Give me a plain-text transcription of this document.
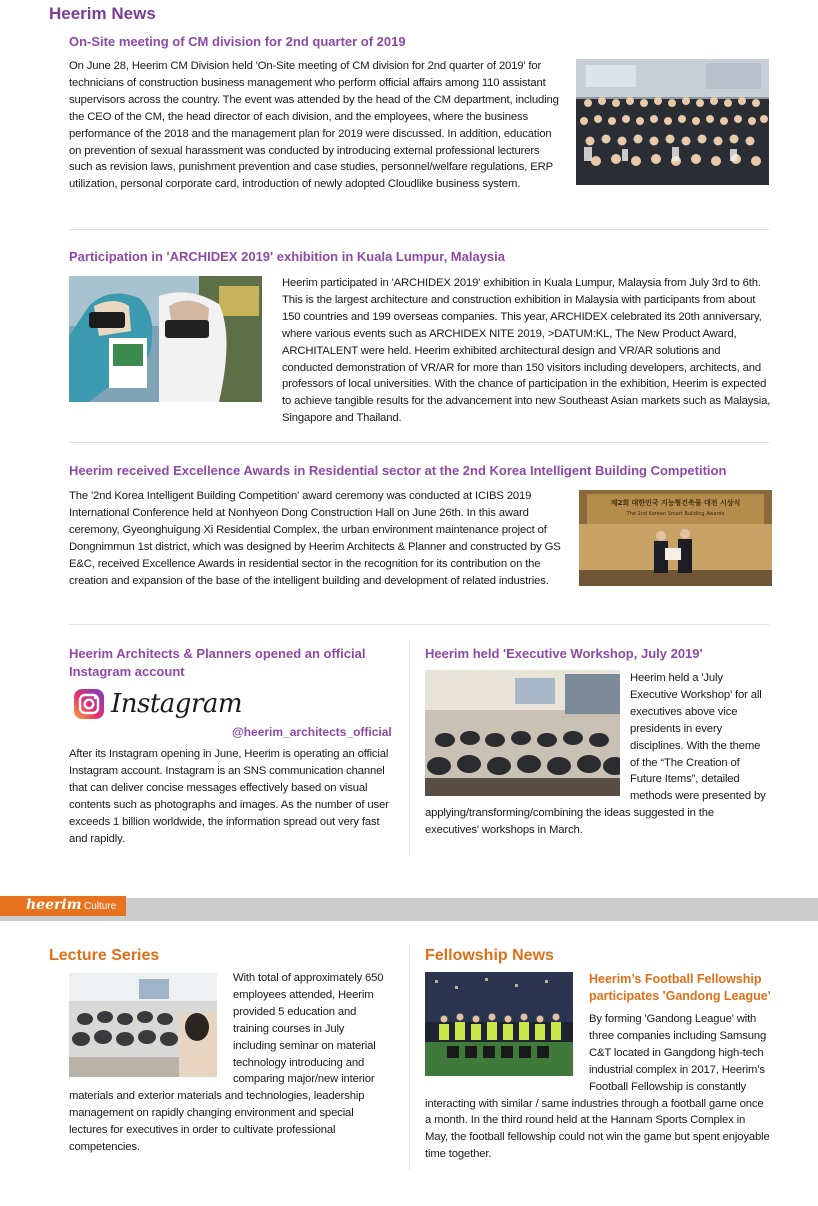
Heerim News
On-Site meeting of CM division for 2nd quarter of 2019
On June 28, Heerim CM Division held 'On-Site meeting of CM division for 2nd quarter of 2019' for technicians of construction business management who perform official affairs among 110 assistant supervisors across the country. The event was attended by the head of the CM department, including the CEO of the CM, the head director of each division, and the employees, where the business performance of the 2018 and the management plan for 2019 were discussed. In addition, education on prevention of sexual harassment was conducted by introducing external professional lecturers such as revision laws, punishment prevention and case studies, personnel/welfare regulations, ERP utilization, personal corporate card, introduction of newly adopted Cloudlike business system.
Participation in 'ARCHIDEX 2019' exhibition in Kuala Lumpur, Malaysia
Heerim participated in 'ARCHIDEX 2019' exhibition in Kuala Lumpur, Malaysia from July 3rd to 6th. This is the largest architecture and construction exhibition in Malaysia with participants from about 150 countries and 199 overseas companies. This year, ARCHIDEX celebrated its 20th anniversary, where various events such as ARCHIDEX NITE 2019, >DATUM:KL, The New Product Award, ARCHITALENT were held. Heerim exhibited architectural design and VR/AR solutions and conducted demonstration of VR/AR for more than 150 visitors including developers, architects, and professors of local universities. With the chance of participation in the exhibition, Heerim is expected to achieve tangible results for the advancement into new Southeast Asian markets such as Malaysia, Singapore and Thailand.
Heerim received Excellence Awards in Residential sector at the 2nd Korea Intelligent Building Competition
The '2nd Korea Intelligent Building Competition' award ceremony was conducted at ICIBS 2019 International Conference held at Nonhyeon Dong Construction Hall on June 26th. In this award ceremony, Gyeonghuigung Xi Residential Complex, the urban environment maintenance project of Dongnimmun 1st district, which was designed by Heerim Architects & Planner and constructed by GS E&C, received Excellence Awards in residential sector in the recognition for its contribution on the creation and expansion of the base of the intelligent building and development of related industries.
제2회 대한민국 지능형건축물 대전 시상식
The 2nd Korean Smart Building Awards
Heerim Architects & Planners opened an official Instagram account
Instagram
@heerim_architects_official
After its Instagram opening in June, Heerim is operating an official Instagram account. Instagram is an SNS communication channel that can deliver concise messages effectively based on visual contents such as photographs and images. As the number of user exceeds 1 billion worldwide, the information spread out very fast and rapidly.
Heerim held 'Executive Workshop, July 2019'
Heerim held a 'July Executive Workshop' for all executives above vice presidents in every disciplines. With the theme of the “The Creation of Future Items”, detailed methods were presented by applying/transforming/combining the ideas suggested in the executives' workshops in March.
heerim Culture
Lecture Series
With total of approximately 650 employees attended, Heerim provided 5 education and training courses in July including seminar on material technology introducing and comparing major/new interior materials and exterior materials and technologies, leadership management on rapidly changing environment and special lectures for executives in order to cultivate professional competencies.
Fellowship News
Heerim’s Football Fellowship participates 'Gandong League'
By forming 'Gandong League' with three companies including Samsung C&T located in Gangdong high-tech industrial complex in 2017, Heerim’s Football Fellowship is constantly interacting with similar / same industries through a football game once a month. In the third round held at the Hannam Sports Complex in May, the football fellowship could not win the game but spent enjoyable time together.
